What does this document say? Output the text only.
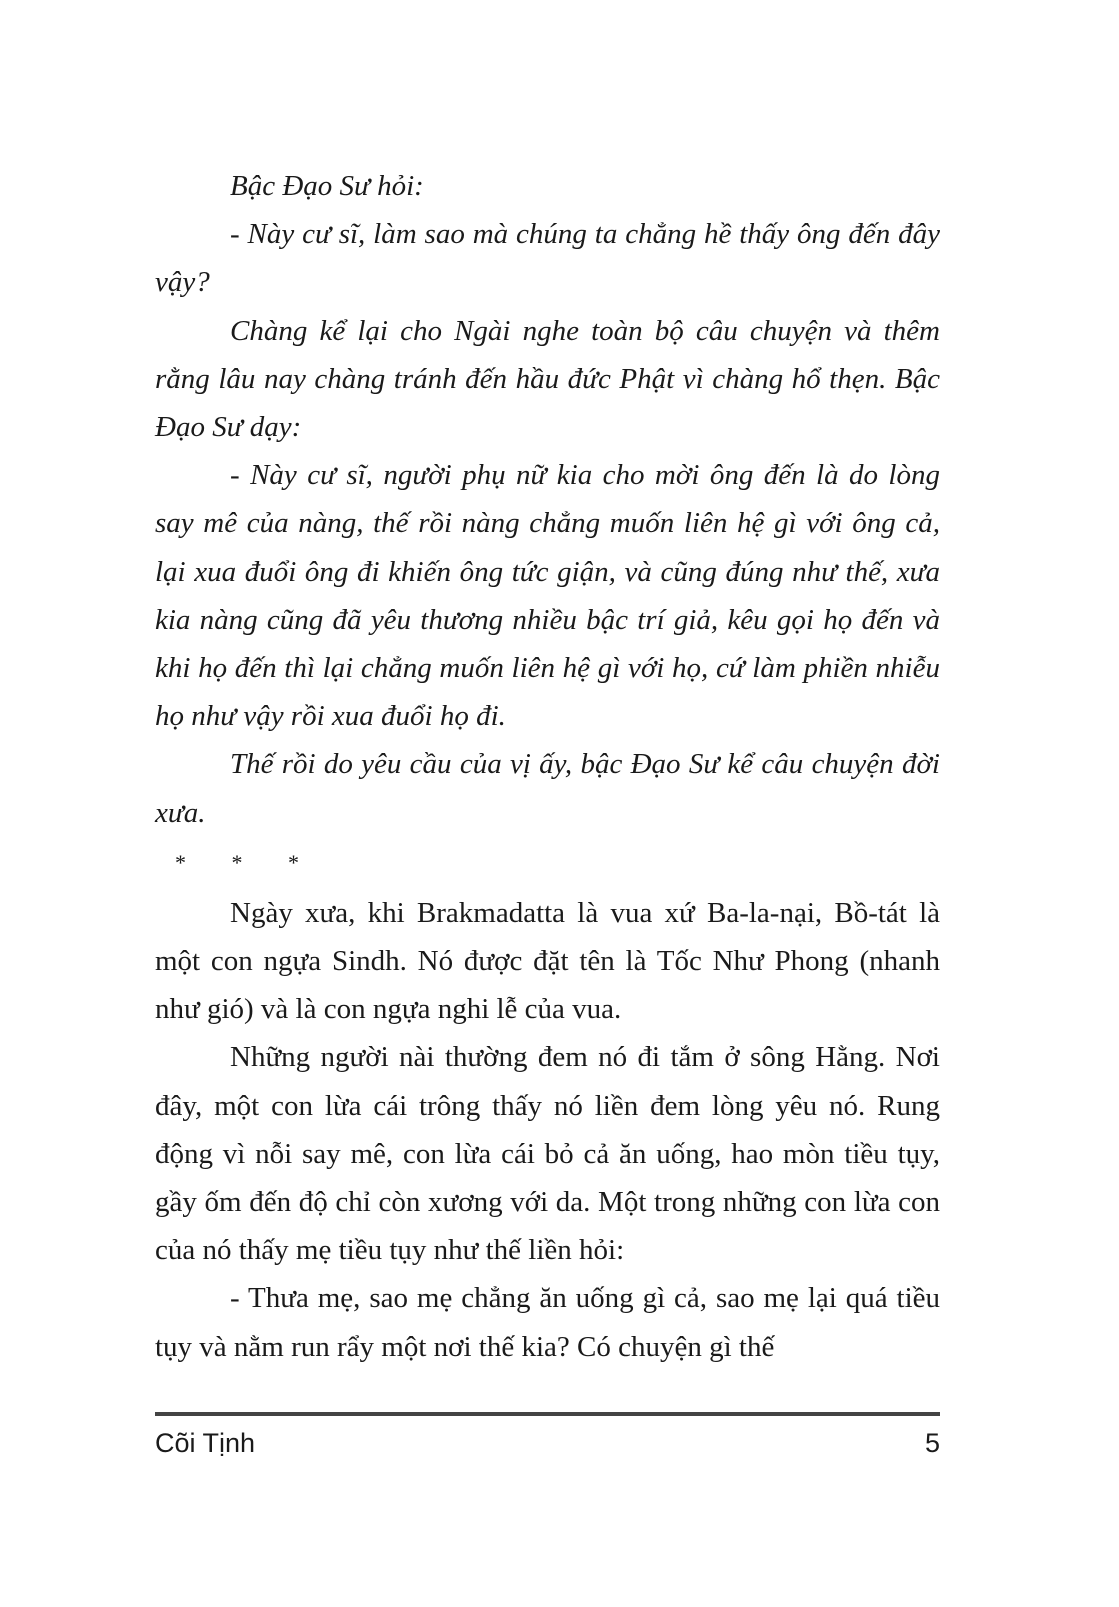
Bậc Đạo Sư hỏi:

- Này cư sĩ, làm sao mà chúng ta chẳng hề thấy ông đến đây vậy?

Chàng kể lại cho Ngài nghe toàn bộ câu chuyện và thêm rằng lâu nay chàng tránh đến hầu đức Phật vì chàng hổ thẹn. Bậc Đạo Sư dạy:

- Này cư sĩ, người phụ nữ kia cho mời ông đến là do lòng say mê của nàng, thế rồi nàng chẳng muốn liên hệ gì với ông cả, lại xua đuổi ông đi khiến ông tức giận, và cũng đúng như thế, xưa kia nàng cũng đã yêu thương nhiều bậc trí giả, kêu gọi họ đến và khi họ đến thì lại chẳng muốn liên hệ gì với họ, cứ làm phiền nhiễu họ như vậy rồi xua đuổi họ đi.

Thế rồi do yêu cầu của vị ấy, bậc Đạo Sư kể câu chuyện đời xưa.

* * *

Ngày xưa, khi Brakmadatta là vua xứ Ba-la-nại, Bồ-tát là một con ngựa Sindh. Nó được đặt tên là Tốc Như Phong (nhanh như gió) và là con ngựa nghi lễ của vua.

Những người nài thường đem nó đi tắm ở sông Hằng. Nơi đây, một con lừa cái trông thấy nó liền đem lòng yêu nó. Rung động vì nỗi say mê, con lừa cái bỏ cả ăn uống, hao mòn tiều tụy, gầy ốm đến độ chỉ còn xương với da. Một trong những con lừa con của nó thấy mẹ tiều tụy như thế liền hỏi:

- Thưa mẹ, sao mẹ chẳng ăn uống gì cả, sao mẹ lại quá tiều tụy và nằm run rẩy một nơi thế kia? Có chuyện gì thế

Cõi Tịnh	5
